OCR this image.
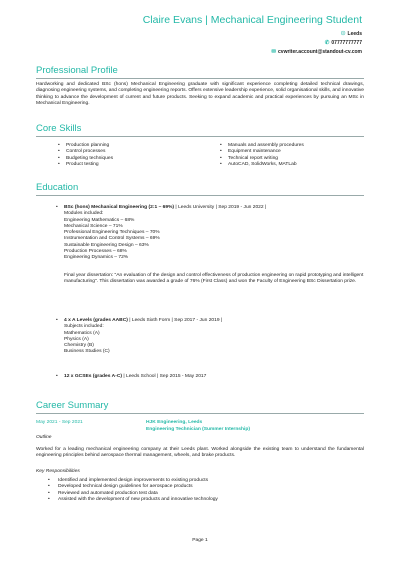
Claire Evans | Mechanical Engineering Student
☉ Leeds
✆ 07777777777
✉ cvwriter.account@standout-cv.com
Professional Profile
Hardworking and dedicated BSc (hons) Mechanical Engineering graduate with significant experience completing detailed technical drawings, diagnosing engineering systems, and completing engineering reports. Offers extensive leadership experience, solid organisational skills, and innovative thinking to advance the development of current and future products. Seeking to expand academic and practical experiences by pursuing an MSc in Mechanical Engineering.
Core Skills
• Production planning
• Control processes
• Budgeting techniques
• Product testing
• Manuals and assembly procedures
• Equipment maintenance
• Technical report writing
• AutoCAD, SolidWorks, MATLab
Education
• BSc (hons) Mechanical Engineering (2:1 – 69%) | Leeds University | Sep 2019 - Jun 2022 |
Modules included:
Engineering Mathematics – 68%
Mechanical Science – 71%
Professional Engineering Techniques – 70%
Instrumentation and Control Systems – 69%
Sustainable Engineering Design – 63%
Production Processes – 68%
Engineering Dynamics – 72%
Final year dissertation: "An evaluation of the design and control effectiveness of production engineering on rapid prototyping and intelligent manufacturing". This dissertation was awarded a grade of 76% (First Class) and won the Faculty of Engineering BSc Dissertation prize.
• 4 x A Levels (grades AABC) | Leeds Sixth Form | Sep 2017 - Jun 2019 |
Subjects included:
Mathematics (A)
Physics (A)
Chemistry (B)
Business Studies (C)
• 12 x GCSEs (grades A-C) | Leeds School | Sep 2015 - May 2017
Career Summary
May 2021 - Sep 2021	HJK Engineering, Leeds
Engineering Technician (Summer Internship)
Outline
Worked for a leading mechanical engineering company at their Leeds plant. Worked alongside the existing team to understand the fundamental engineering principles behind aerospace thermal management, wheels, and brake products.
Key Responsibilities
• Identified and implemented design improvements to existing products
• Developed technical design guidelines for aerospace products
• Reviewed and automated production test data
• Assisted with the development of new products and innovative technology
Page 1
